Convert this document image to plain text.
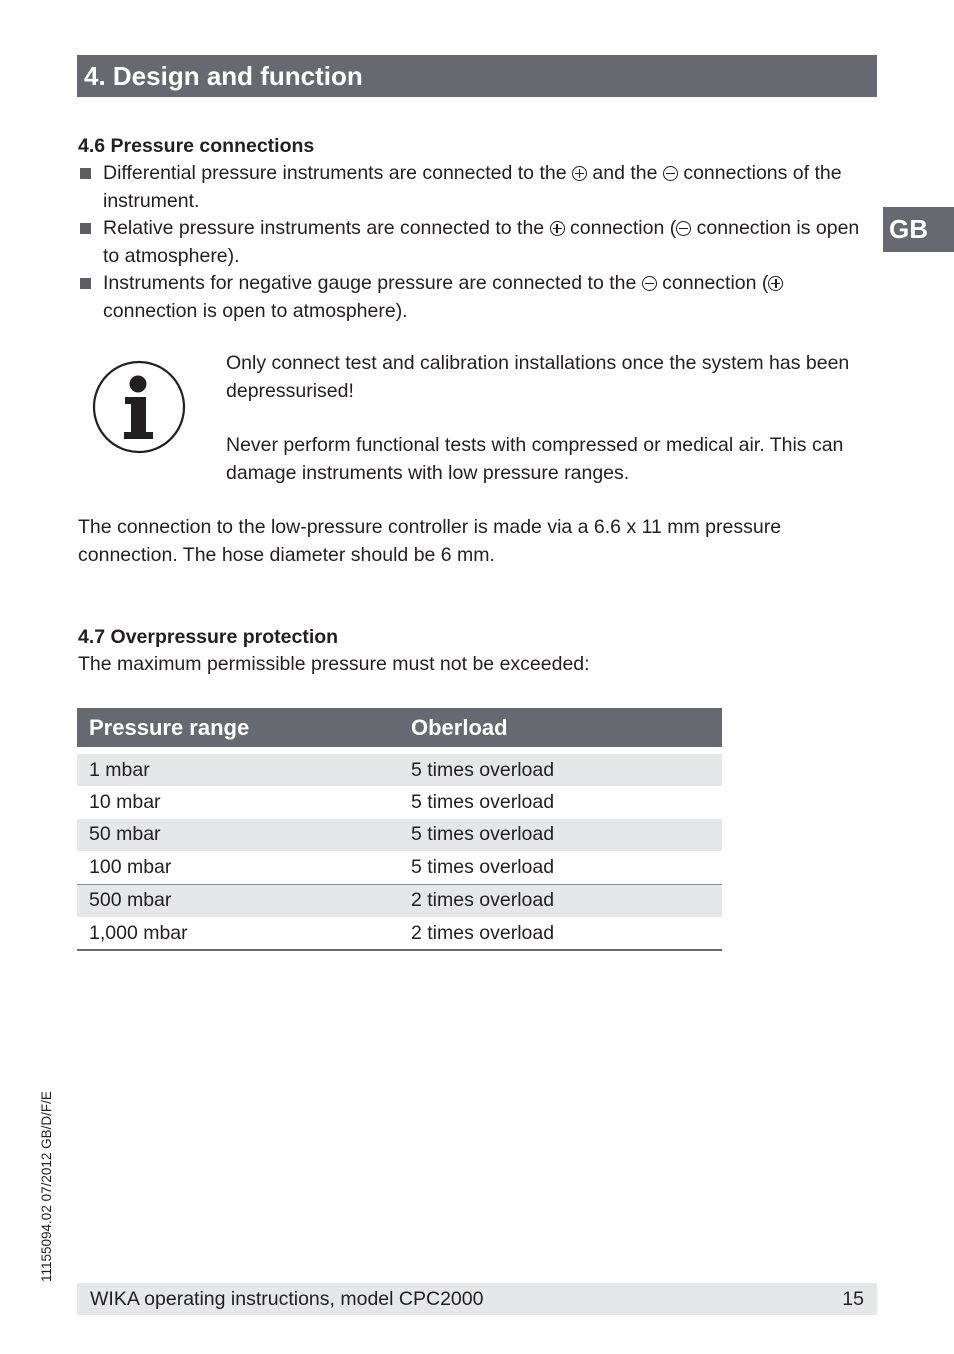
4. Design and function
GB
4.6 Pressure connections
Differential pressure instruments are connected to the and the connections of the instrument.
Relative pressure instruments are connected to the connection ( connection is open to atmosphere).
Instruments for negative gauge pressure are connected to the connection ( connection is open to atmosphere).

Only connect test and calibration installations once the system has been depressurised!

Never perform functional tests with compressed or medical air. This can damage instruments with low pressure ranges.

The connection to the low-pressure controller is made via a 6.6 x 11 mm pressure connection. The hose diameter should be 6 mm.

4.7 Overpressure protection

The maximum permissible pressure must not be exceeded:

Pressure range	Oberload

1 mbar	5 times overload
10 mbar	5 times overload
50 mbar	5 times overload
100 mbar	5 times overload
500 mbar	2 times overload
1,000 mbar	2 times overload
11155094.02 07/2012 GB/D/F/E
WIKA operating instructions, model CPC2000	15
